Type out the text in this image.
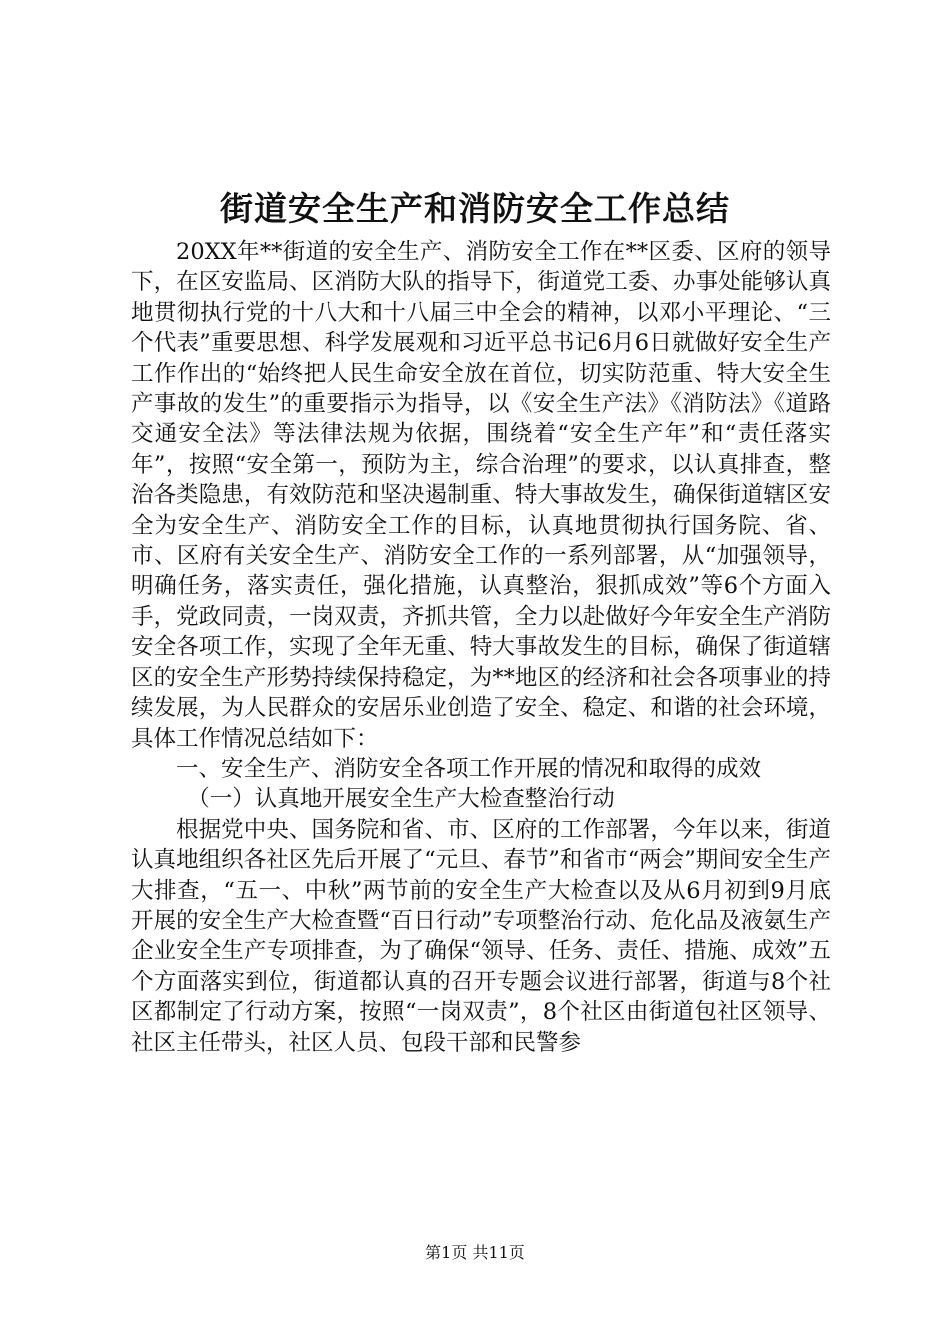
街道安全生产和消防安全工作总结

20XX年**街道的安全生产、消防安全工作在**区委、区府的领导下，在区安监局、区消防大队的指导下，街道党工委、办事处能够认真地贯彻执行党的十八大和十八届三中全会的精神，以邓小平理论、“三个代表”重要思想、科学发展观和习近平总书记6月6日就做好安全生产工作作出的“始终把人民生命安全放在首位，切实防范重、特大安全生产事故的发生”的重要指示为指导，以《安全生产法》《消防法》《道路交通安全法》等法律法规为依据，围绕着“安全生产年”和“责任落实年”，按照“安全第一，预防为主，综合治理”的要求，以认真排查，整治各类隐患，有效防范和坚决遏制重、特大事故发生，确保街道辖区安全为安全生产、消防安全工作的目标，认真地贯彻执行国务院、省、市、区府有关安全生产、消防安全工作的一系列部署，从“加强领导，明确任务，落实责任，强化措施，认真整治，狠抓成效”等6个方面入手，党政同责，一岗双责，齐抓共管，全力以赴做好今年安全生产消防安全各项工作，实现了全年无重、特大事故发生的目标，确保了街道辖区的安全生产形势持续保持稳定，为**地区的经济和社会各项事业的持续发展，为人民群众的安居乐业创造了安全、稳定、和谐的社会环境，具体工作情况总结如下：

一、安全生产、消防安全各项工作开展的情况和取得的成效

（一）认真地开展安全生产大检查整治行动

根据党中央、国务院和省、市、区府的工作部署，今年以来，街道认真地组织各社区先后开展了“元旦、春节”和省市“两会”期间安全生产大排查，“五一、中秋”两节前的安全生产大检查以及从6月初到9月底开展的安全生产大检查暨“百日行动”专项整治行动、危化品及液氨生产企业安全生产专项排查，为了确保“领导、任务、责任、措施、成效”五个方面落实到位，街道都认真的召开专题会议进行部署，街道与8个社区都制定了行动方案，按照“一岗双责”，8个社区由街道包社区领导、社区主任带头，社区人员、包段干部和民警参

第1页 共11页
